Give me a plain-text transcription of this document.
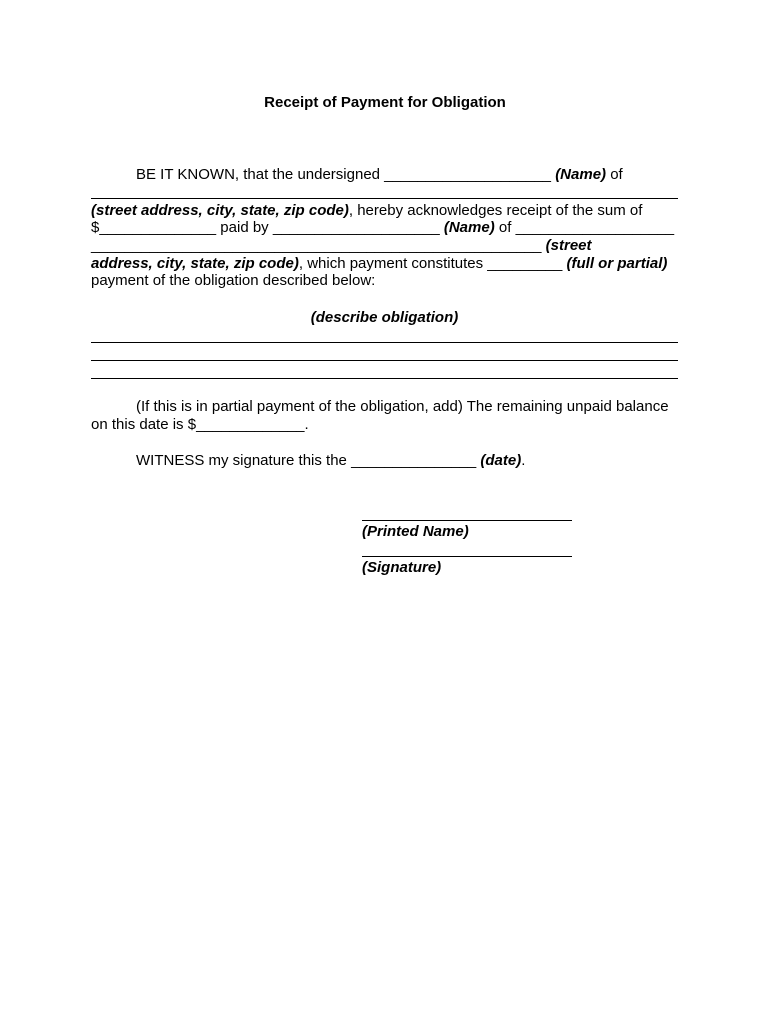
Receipt of Payment for Obligation
BE IT KNOWN, that the undersigned ____________________ (Name) of
(street address, city, state, zip code), hereby acknowledges receipt of the sum of
$______________ paid by ____________________ (Name) of ___________________
______________________________________________________ (street
address, city, state, zip code), which payment constitutes _________ (full or partial)
payment of the obligation described below:
(describe obligation)
(If this is in partial payment of the obligation, add) The remaining unpaid balance
on this date is $_____________.
WITNESS my signature this the _______________ (date).
(Printed Name)
(Signature)
